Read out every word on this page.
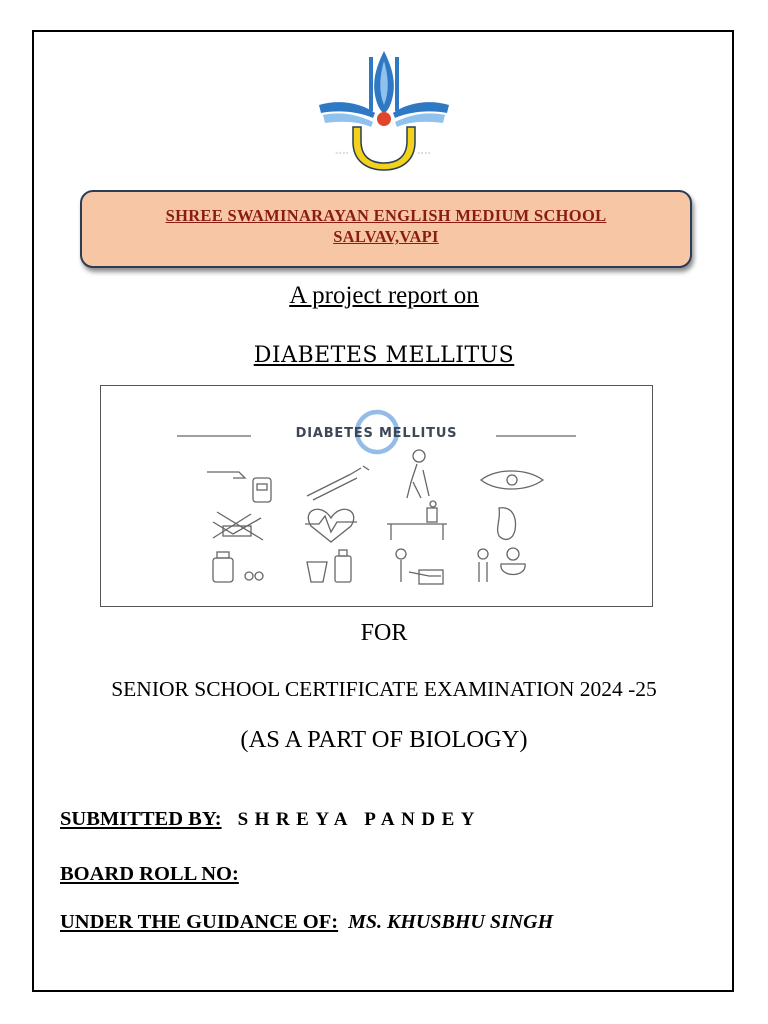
◦◦◦◦	◦◦◦◦
SHREE SWAMINARAYAN ENGLISH MEDIUM SCHOOL
SALVAV,VAPI
A project report on
DIABETES MELLITUS
DIABETES MELLITUS
FOR
SENIOR SCHOOL CERTIFICATE EXAMINATION 2024 -25
(AS A PART OF BIOLOGY)
SUBMITTED BY: SHREYA PANDEY
BOARD ROLL NO:
UNDER THE GUIDANCE OF: MS. KHUSBHU SINGH
